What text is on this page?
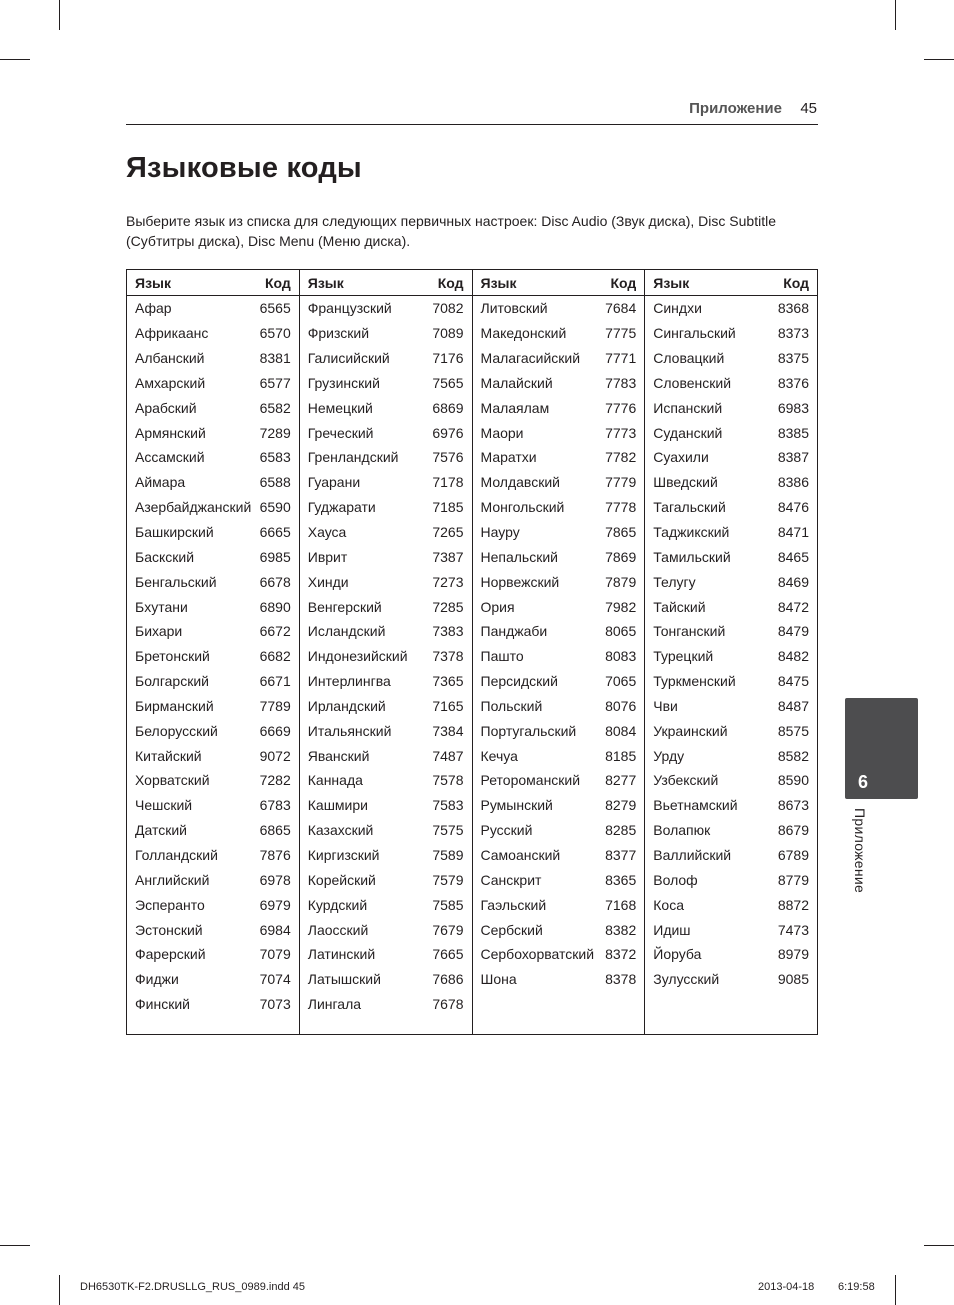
Приложение 45
Языковые коды

Выберите язык из списка для следующих первичных настроек: Disc Audio (Звук диска), Disc Subtitle (Субтитры диска), Disc Menu (Меню диска).

Язык	Код
Афар	6565
Африкаанс	6570
Албанский	8381
Амхарский	6577
Арабский	6582
Армянский	7289
Ассамский	6583
Аймара	6588
Азербайджанский 6590
Башкирский	6665
Баскский	6985
Бенгальский	6678
Бхутани	6890
Бихари	6672
Бретонский	6682
Болгарский	6671
Бирманский	7789
Белорусский	6669
Китайский	9072
Хорватский	7282
Чешский	6783
Датский	6865
Голландский	7876
Английский	6978
Эсперанто	6979
Эстонский	6984
Фарерский	7079
Фиджи	7074
Финский	7073
Язык	Код
Французский	7082
Фризский	7089
Галисийский	7176
Грузинский	7565
Немецкий	6869
Греческий	6976
Гренландский 7576
Гуарани	7178
Гуджарати	7185
Хауса	7265
Иврит	7387
Хинди	7273
Венгерский	7285
Исландский	7383
Индонезийский 7378
Интерлингва	7365
Ирландский	7165
Итальянский	7384
Яванский	7487
Каннада	7578
Кашмири	7583
Казахский	7575
Киргизский	7589
Корейский	7579
Курдский	7585
Лаосский	7679
Латинский	7665
Латышский	7686
Лингала	7678
Язык	Код
Литовский	7684
Македонский	7775
Малагасийский 7771
Малайский	7783
Малаялам	7776
Маори	7773
Маратхи	7782
Молдавский	7779
Монгольский	7778
Науру	7865
Непальский	7869
Норвежский	7879
Ория	7982
Панджаби	8065
Пашто	8083
Персидский	7065
Польский	8076
Португальский 8084
Кечуа	8185
Ретороманский 8277
Румынский	8279
Русский	8285
Самоанский	8377
Санскрит	8365
Гаэльский	7168
Сербский	8382
Сербохорватский 8372
Шона	8378
Язык	Код
Синдхи	8368
Сингальский	8373
Словацкий	8375
Словенский	8376
Испанский	6983
Суданский	8385
Суахили	8387
Шведский	8386
Тагальский	8476
Таджикский	8471
Тамильский	8465
Телугу	8469
Тайский	8472
Тонганский	8479
Турецкий	8482
Туркменский	8475
Чви	8487
Украинский	8575
Урду	8582
Узбекский	8590
Вьетнамский	8673
Волапюк	8679
Валлийский	6789
Волоф	8779
Коса	8872
Идиш	7473
Йоруба	8979
Зулусский	9085
6
Приложение
DH6530TK-F2.DRUSLLG_RUS_0989.indd 45	2013-04-18 6:19:58
